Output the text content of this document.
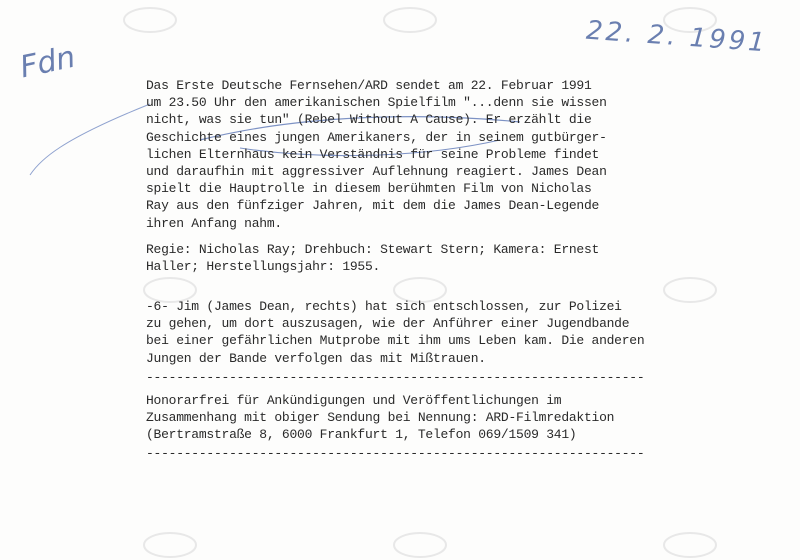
22. 2. 1991
Fdn
Das Erste Deutsche Fernsehen/ARD sendet am 22. Februar 1991
um 23.50 Uhr den amerikanischen Spielfilm "...denn sie wissen
nicht, was sie tun" (Rebel Without A Cause). Er erzählt die
Geschichte eines jungen Amerikaners, der in seinem gutbürger-
lichen Elternhaus kein Verständnis für seine Probleme findet
und daraufhin mit aggressiver Auflehnung reagiert. James Dean
spielt die Hauptrolle in diesem berühmten Film von Nicholas
Ray aus den fünfziger Jahren, mit dem die James Dean-Legende
ihren Anfang nahm.
Regie: Nicholas Ray; Drehbuch: Stewart Stern; Kamera: Ernest
Haller; Herstellungsjahr: 1955.
-6- Jim (James Dean, rechts) hat sich entschlossen, zur Polizei
zu gehen, um dort auszusagen, wie der Anführer einer Jugendbande
bei einer gefährlichen Mutprobe mit ihm ums Leben kam. Die anderen
Jungen der Bande verfolgen das mit Mißtrauen.
------------------------------------------------------------------
Honorarfrei für Ankündigungen und Veröffentlichungen im
Zusammenhang mit obiger Sendung bei Nennung: ARD-Filmredaktion
(Bertramstraße 8, 6000 Frankfurt 1, Telefon 069/1509 341)
------------------------------------------------------------------
